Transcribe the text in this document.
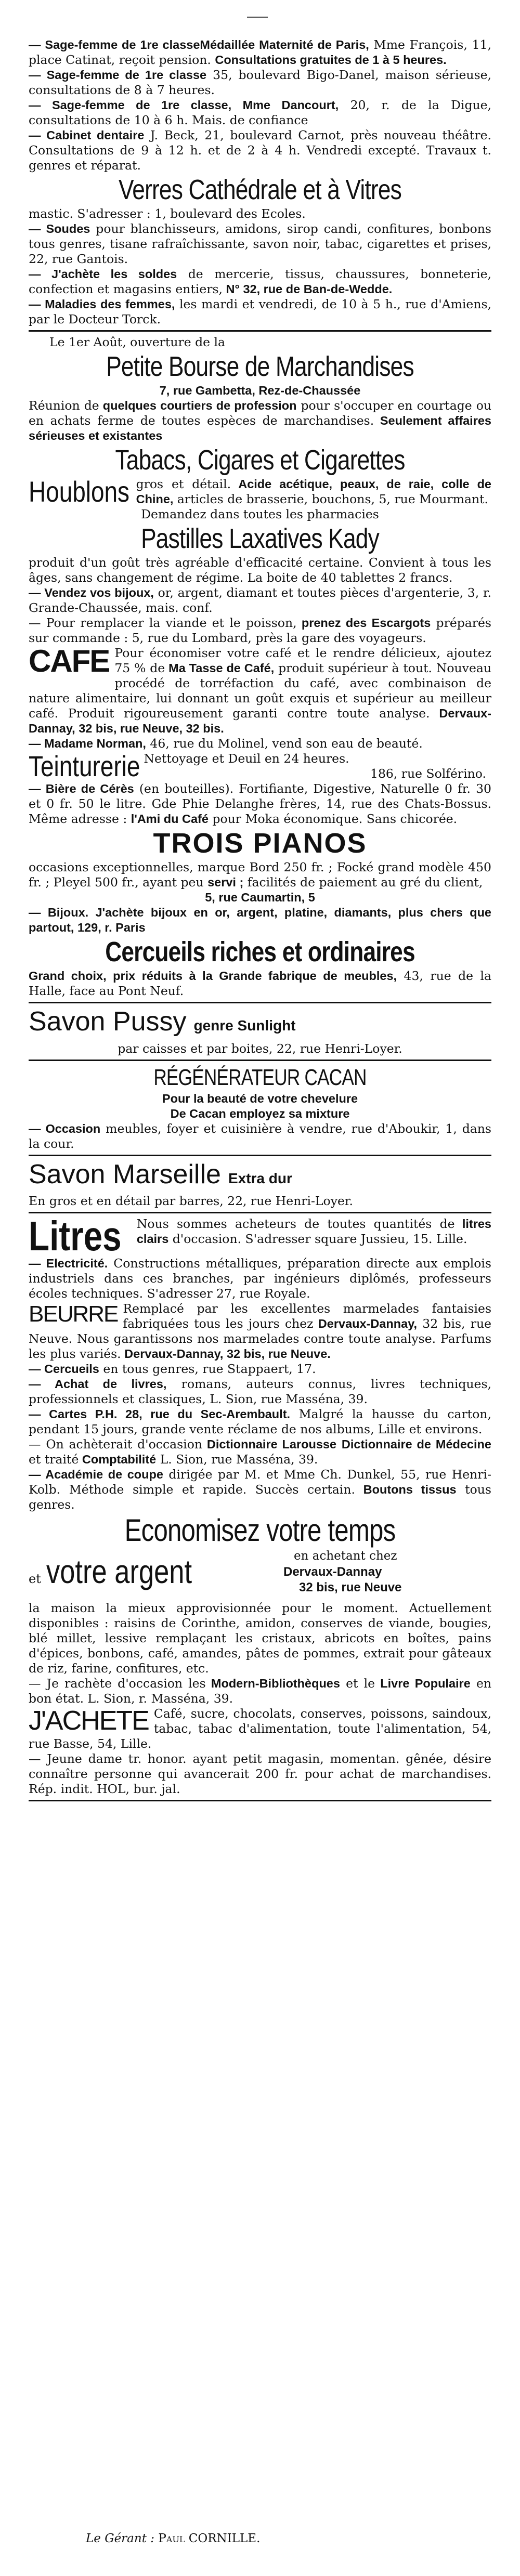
— Sage-femme de 1re classeMédaillée Maternité de Paris, Mme François, 11, place Catinat, reçoit pension. Consultations gratuites de 1 à 5 heures.

— Sage-femme de 1re classe 35, boulevard Bigo-Danel, maison sérieuse, consultations de 8 à 7 heures.

— Sage-femme de 1re classe, Mme Dancourt, 20, r. de la Digue, consultations de 10 à 6 h. Mais. de confiance

— Cabinet dentaire J. Beck, 21, boulevard Carnot, près nouveau théâtre. Consultations de 9 à 12 h. et de 2 à 4 h. Vendredi excepté. Travaux t. genres et réparat.

Verres Cathédrale et à Vitres

mastic. S'adresser : 1, boulevard des Ecoles.

— Soudes pour blanchisseurs, amidons, sirop candi, confitures, bonbons tous genres, tisane rafraîchissante, savon noir, tabac, cigarettes et prises, 22, rue Gantois.

— J'achète les soldes de mercerie, tissus, chaussures, bonneterie, confection et magasins entiers, N° 32, rue de Ban-de-Wedde.

— Maladies des femmes, les mardi et vendredi, de 10 à 5 h., rue d'Amiens, par le Docteur Torck.

Le 1er Août, ouverture de la

Petite Bourse de Marchandises

7, rue Gambetta, Rez-de-Chaussée

Réunion de quelques courtiers de profession pour s'occuper en courtage ou en achats ferme de toutes espèces de marchandises. Seulement affaires sérieuses et existantes

Tabacs, Cigares et Cigarettes
Houblons gros et détail. Acide acétique, peaux, de raie, colle de Chine, articles de brasserie, bouchons, 5, rue Mourmant.

Demandez dans toutes les pharmacies

Pastilles Laxatives Kady

produit d'un goût très agréable d'efficacité certaine. Convient à tous les âges, sans changement de régime. La boite de 40 tablettes 2 francs.

— Vendez vos bijoux, or, argent, diamant et toutes pièces d'argenterie, 3, r. Grande-Chaussée, mais. conf.

— Pour remplacer la viande et le poisson, prenez des Escargots préparés sur commande : 5, rue du Lombard, près la gare des voyageurs.

CAFE Pour économiser votre café et le rendre délicieux, ajoutez 75 % de Ma Tasse de Café, produit supérieur à tout. Nouveau procédé de torréfaction du café, avec combinaison de nature alimentaire, lui donnant un goût exquis et supérieur au meilleur café. Produit rigoureusement garanti contre toute analyse. Dervaux-Dannay, 32 bis, rue Neuve, 32 bis.

— Madame Norman, 46, rue du Molinel, vend son eau de beauté.

Teinturerie Nettoyage et Deuil en 24 heures.

186, rue Solférino.

— Bière de Cérès (en bouteilles). Fortifiante, Digestive, Naturelle 0 fr. 30 et 0 fr. 50 le litre. Gde Phie Delanghe frères, 14, rue des Chats-Bossus. Même adresse : l'Ami du Café pour Moka économique. Sans chicorée.

TROIS PIANOS

occasions exceptionnelles, marque Bord 250 fr. ; Focké grand modèle 450 fr. ; Pleyel 500 fr., ayant peu servi ; facilités de paiement au gré du client,

5, rue Caumartin, 5

— Bijoux. J'achète bijoux en or, argent, platine, diamants, plus chers que partout, 129, r. Paris

Cercueils riches et ordinaires

Grand choix, prix réduits à la Grande fabrique de meubles, 43, rue de la Halle, face au Pont Neuf.

Savon Pussy genre Sunlight

par caisses et par boites, 22, rue Henri-Loyer.

RÉGÉNÉRATEUR CACAN

Pour la beauté de votre chevelure

De Cacan employez sa mixture

— Occasion meubles, foyer et cuisinière à vendre, rue d'Aboukir, 1, dans la cour.

Savon Marseille Extra dur

En gros et en détail par barres, 22, rue Henri-Loyer.

Litres	Nous sommes acheteurs de toutes quantités de litres clairs d'occasion. S'adresser square Jussieu, 15. Lille.

— Electricité. Constructions métalliques, préparation directe aux emplois industriels dans ces branches, par ingénieurs diplômés, professeurs écoles techniques. S'adresser 27, rue Royale.

BEURRE Remplacé par les excellentes marmelades fantaisies fabriquées tous les jours chez Dervaux-Dannay, 32 bis, rue Neuve. Nous garantissons nos marmelades contre toute analyse. Parfums les plus variés. Dervaux-Dannay, 32 bis, rue Neuve.

— Cercueils en tous genres, rue Stappaert, 17.

— Achat de livres, romans, auteurs connus, livres techniques, professionnels et classiques, L. Sion, rue Masséna, 39.

— Cartes P.H. 28, rue du Sec-Arembault. Malgré la hausse du carton, pendant 15 jours, grande vente réclame de nos albums, Lille et environs.

— On achèterait d'occasion Dictionnaire Larousse Dictionnaire de Médecine et traité Comptabilité L. Sion, rue Masséna, 39.

— Académie de coupe dirigée par M. et Mme Ch. Dunkel, 55, rue Henri-Kolb. Méthode simple et rapide. Succès certain. Boutons tissus tous genres.

Economisez votre temps
et votre argent	en achetant chez
Dervaux-Dannay
32 bis, rue Neuve

la maison la mieux approvisionnée pour le moment. Actuellement disponibles : raisins de Corinthe, amidon, conserves de viande, bougies, blé millet, lessive remplaçant les cristaux, abricots en boîtes, pains d'épices, bonbons, café, amandes, pâtes de pommes, extrait pour gâteaux de riz, farine, confitures, etc.

— Je rachète d'occasion les Modern-Bibliothèques et le Livre Populaire en bon état. L. Sion, r. Masséna, 39.

J'ACHETE Café, sucre, chocolats, conserves, poissons, saindoux, tabac, tabac d'alimentation, toute l'alimentation, 54, rue Basse, 54, Lille.

— Jeune dame tr. honor. ayant petit magasin, momentan. gênée, désire connaître personne qui avancerait 200 fr. pour achat de marchandises. Rép. indit. HOL, bur. jal.

Le Gérant : Paul CORNILLE.
